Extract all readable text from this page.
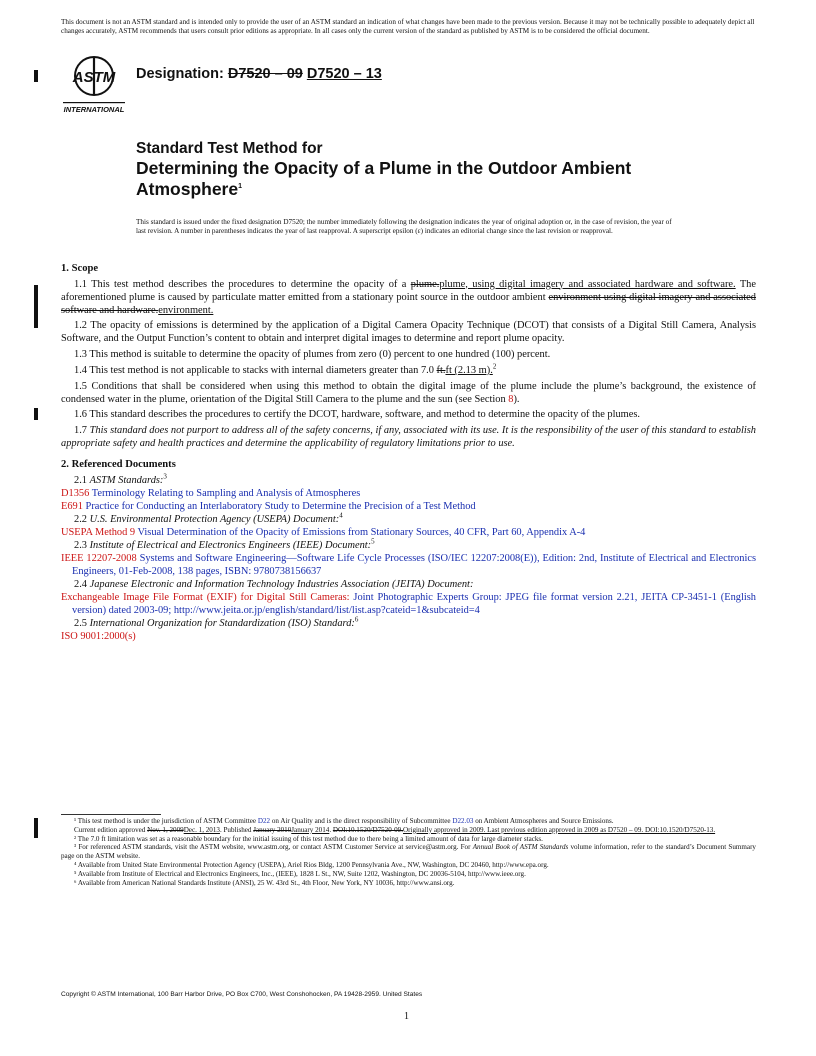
This document is not an ASTM standard and is intended only to provide the user of an ASTM standard an indication of what changes have been made to the previous version. Because it may not be technically possible to adequately depict all changes accurately, ASTM recommends that users consult prior editions as appropriate. In all cases only the current version of the standard as published by ASTM is to be considered the official document.
ASTM
INTERNATIONAL
Designation: D7520 – 09 D7520 – 13
Standard Test Method for
Determining the Opacity of a Plume in the Outdoor Ambient Atmosphere$^1$
This standard is issued under the fixed designation D7520; the number immediately following the designation indicates the year of original adoption or, in the case of revision, the year of last revision. A number in parentheses indicates the year of last reapproval. A superscript epsilon (ε) indicates an editorial change since the last revision or reapproval.
1. Scope

1.1 This test method describes the procedures to determine the opacity of a plume.plume, using digital imagery and associated hardware and software. The aforementioned plume is caused by particulate matter emitted from a stationary point source in the outdoor ambient environment using digital imagery and associated software and hardware.environment.

1.2 The opacity of emissions is determined by the application of a Digital Camera Opacity Technique (DCOT) that consists of a Digital Still Camera, Analysis Software, and the Output Function’s content to obtain and interpret digital images to determine and report plume opacity.

1.3 This method is suitable to determine the opacity of plumes from zero (0) percent to one hundred (100) percent.

1.4 This test method is not applicable to stacks with internal diameters greater than 7.0 ft.ft (2.13 m).$^2$

1.5 Conditions that shall be considered when using this method to obtain the digital image of the plume include the plume’s background, the existence of condensed water in the plume, orientation of the Digital Still Camera to the plume and the sun (see Section 8).

1.6 This standard describes the procedures to certify the DCOT, hardware, software, and method to determine the opacity of the plumes.

1.7 This standard does not purport to address all of the safety concerns, if any, associated with its use. It is the responsibility of the user of this standard to establish appropriate safety and health practices and determine the applicability of regulatory limitations prior to use.

2. Referenced Documents
2.1 ASTM Standards:$^3$
D1356 Terminology Relating to Sampling and Analysis of Atmospheres
E691 Practice for Conducting an Interlaboratory Study to Determine the Precision of a Test Method
2.2 U.S. Environmental Protection Agency (USEPA) Document:$^4$
USEPA Method 9 Visual Determination of the Opacity of Emissions from Stationary Sources, 40 CFR, Part 60, Appendix A-4
2.3 Institute of Electrical and Electronics Engineers (IEEE) Document:$^5$
IEEE 12207-2008 Systems and Software Engineering—Software Life Cycle Processes (ISO/IEC 12207:2008(E)), Edition: 2nd, Institute of Electrical and Electronics Engineers, 01-Feb-2008, 138 pages, ISBN: 9780738156637
2.4 Japanese Electronic and Information Technology Industries Association (JEITA) Document:
Exchangeable Image File Format (EXIF) for Digital Still Cameras: Joint Photographic Experts Group: JPEG file format version 2.21, JEITA CP-3451-1 (English version) dated 2003-09; http://www.jeita.or.jp/english/standard/list/list.asp?cateid=1&subcateid=4
2.5 International Organization for Standardization (ISO) Standard:$^6$
ISO 9001:2000(s)

¹ This test method is under the jurisdiction of ASTM Committee D22 on Air Quality and is the direct responsibility of Subcommittee D22.03 on Ambient Atmospheres and Source Emissions.

Current edition approved Nov. 1, 2009Dec. 1, 2013. Published January 2010January 2014. DOI:10.1520/D7520-09.Originally approved in 2009. Last previous edition approved in 2009 as D7520 – 09. DOI:10.1520/D7520-13.

² The 7.0 ft limitation was set as a reasonable boundary for the initial issuing of this test method due to there being a limited amount of data for large diameter stacks.

³ For referenced ASTM standards, visit the ASTM website, www.astm.org, or contact ASTM Customer Service at service@astm.org. For Annual Book of ASTM Standards volume information, refer to the standard’s Document Summary page on the ASTM website.

⁴ Available from United State Environmental Protection Agency (USEPA), Ariel Rios Bldg, 1200 Pennsylvania Ave., NW, Washington, DC 20460, http://www.epa.org.

⁵ Available from Institute of Electrical and Electronics Engineers, Inc., (IEEE), 1828 L St., NW, Suite 1202, Washington, DC 20036-5104, http://www.ieee.org.

⁶ Available from American National Standards Institute (ANSI), 25 W. 43rd St., 4th Floor, New York, NY 10036, http://www.ansi.org.

Copyright © ASTM International, 100 Barr Harbor Drive, PO Box C700, West Conshohocken, PA 19428-2959. United States
1
